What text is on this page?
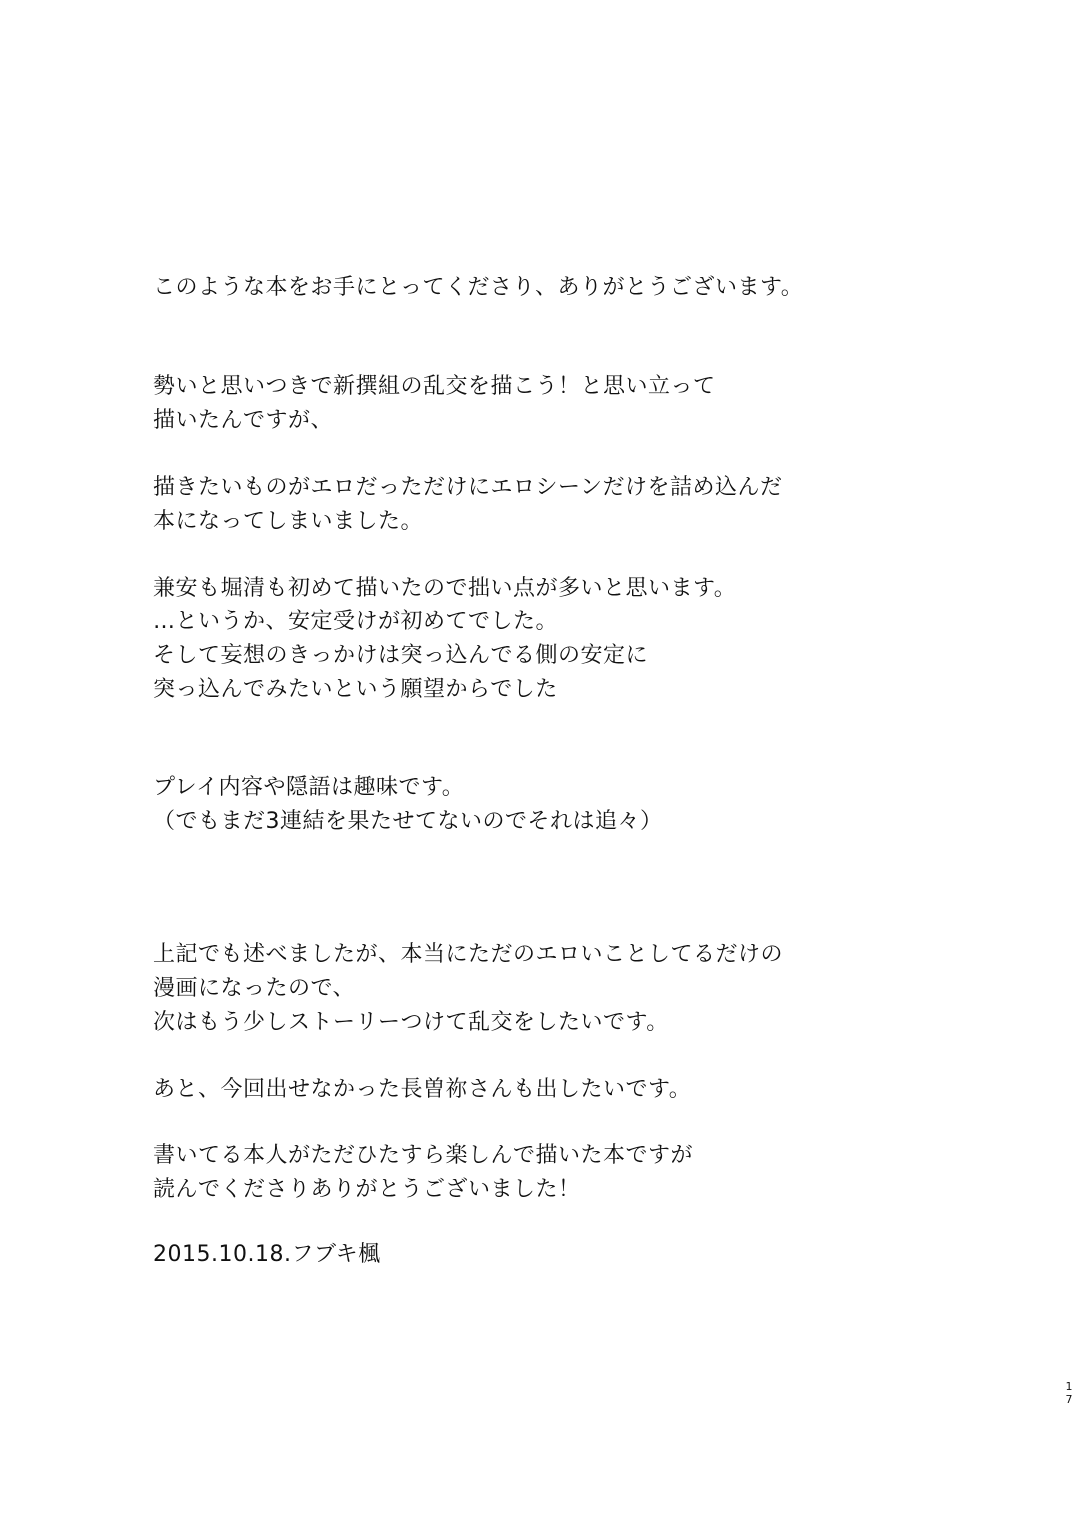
このような本をお手にとってくださり、ありがとうございます。

勢いと思いつきで新撰組の乱交を描こう！と思い立って

描いたんですが、

描きたいものがエロだっただけにエロシーンだけを詰め込んだ

本になってしまいました。

兼安も堀清も初めて描いたので拙い点が多いと思います。

…というか、安定受けが初めてでした。

そして妄想のきっかけは突っ込んでる側の安定に

突っ込んでみたいという願望からでした

プレイ内容や隠語は趣味です。

（でもまだ3連結を果たせてないのでそれは追々）

上記でも述べましたが、本当にただのエロいことしてるだけの

漫画になったので、

次はもう少しストーリーつけて乱交をしたいです。

あと、今回出せなかった長曽祢さんも出したいです。

書いてる本人がただひたすら楽しんで描いた本ですが

読んでくださりありがとうございました！

2015.10.18.フブキ楓

1
7
